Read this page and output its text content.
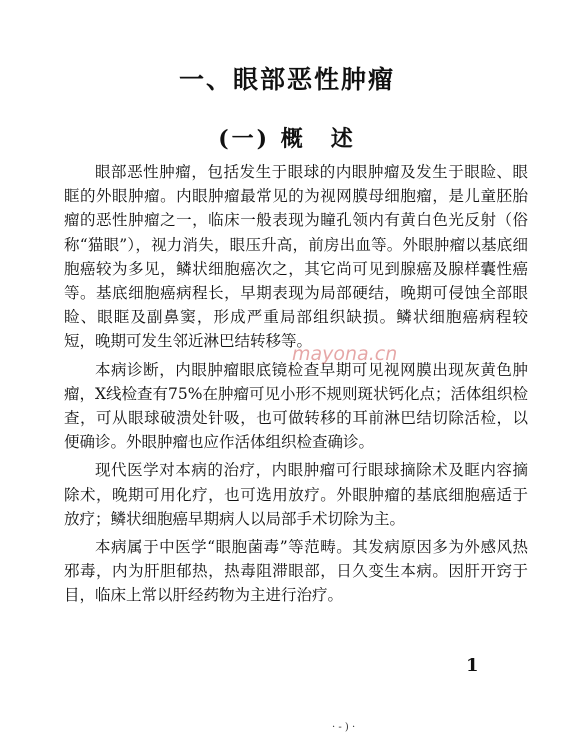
一、眼部恶性肿瘤
(一) 概　述

眼部恶性肿瘤，包括发生于眼球的内眼肿瘤及发生于眼睑、眼眶的外眼肿瘤。内眼肿瘤最常见的为视网膜母细胞瘤，是儿童胚胎瘤的恶性肿瘤之一，临床一般表现为瞳孔领内有黄白色光反射（俗称“猫眼”），视力消失，眼压升高，前房出血等。外眼肿瘤以基底细胞癌较为多见，鳞状细胞癌次之，其它尚可见到腺癌及腺样囊性癌等。基底细胞癌病程长，早期表现为局部硬结，晚期可侵蚀全部眼睑、眼眶及副鼻窦，形成严重局部组织缺损。鳞状细胞癌病程较短，晚期可发生邻近淋巴结转移等。

本病诊断，内眼肿瘤眼底镜检查早期可见视网膜出现灰黄色肿瘤，X线检查有75%在肿瘤可见小形不规则斑状钙化点；活体组织检查，可从眼球破溃处针吸，也可做转移的耳前淋巴结切除活检，以便确诊。外眼肿瘤也应作活体组织检查确诊。

现代医学对本病的治疗，内眼肿瘤可行眼球摘除术及眶内容摘除术，晚期可用化疗，也可选用放疗。外眼肿瘤的基底细胞癌适于放疗；鳞状细胞癌早期病人以局部手术切除为主。

本病属于中医学“眼胞菌毒”等范畴。其发病原因多为外感风热邪毒，内为肝胆郁热，热毒阻滞眼部，日久变生本病。因肝开窍于目，临床上常以肝经药物为主进行治疗。

mayona.cn
1
· - ) ·
